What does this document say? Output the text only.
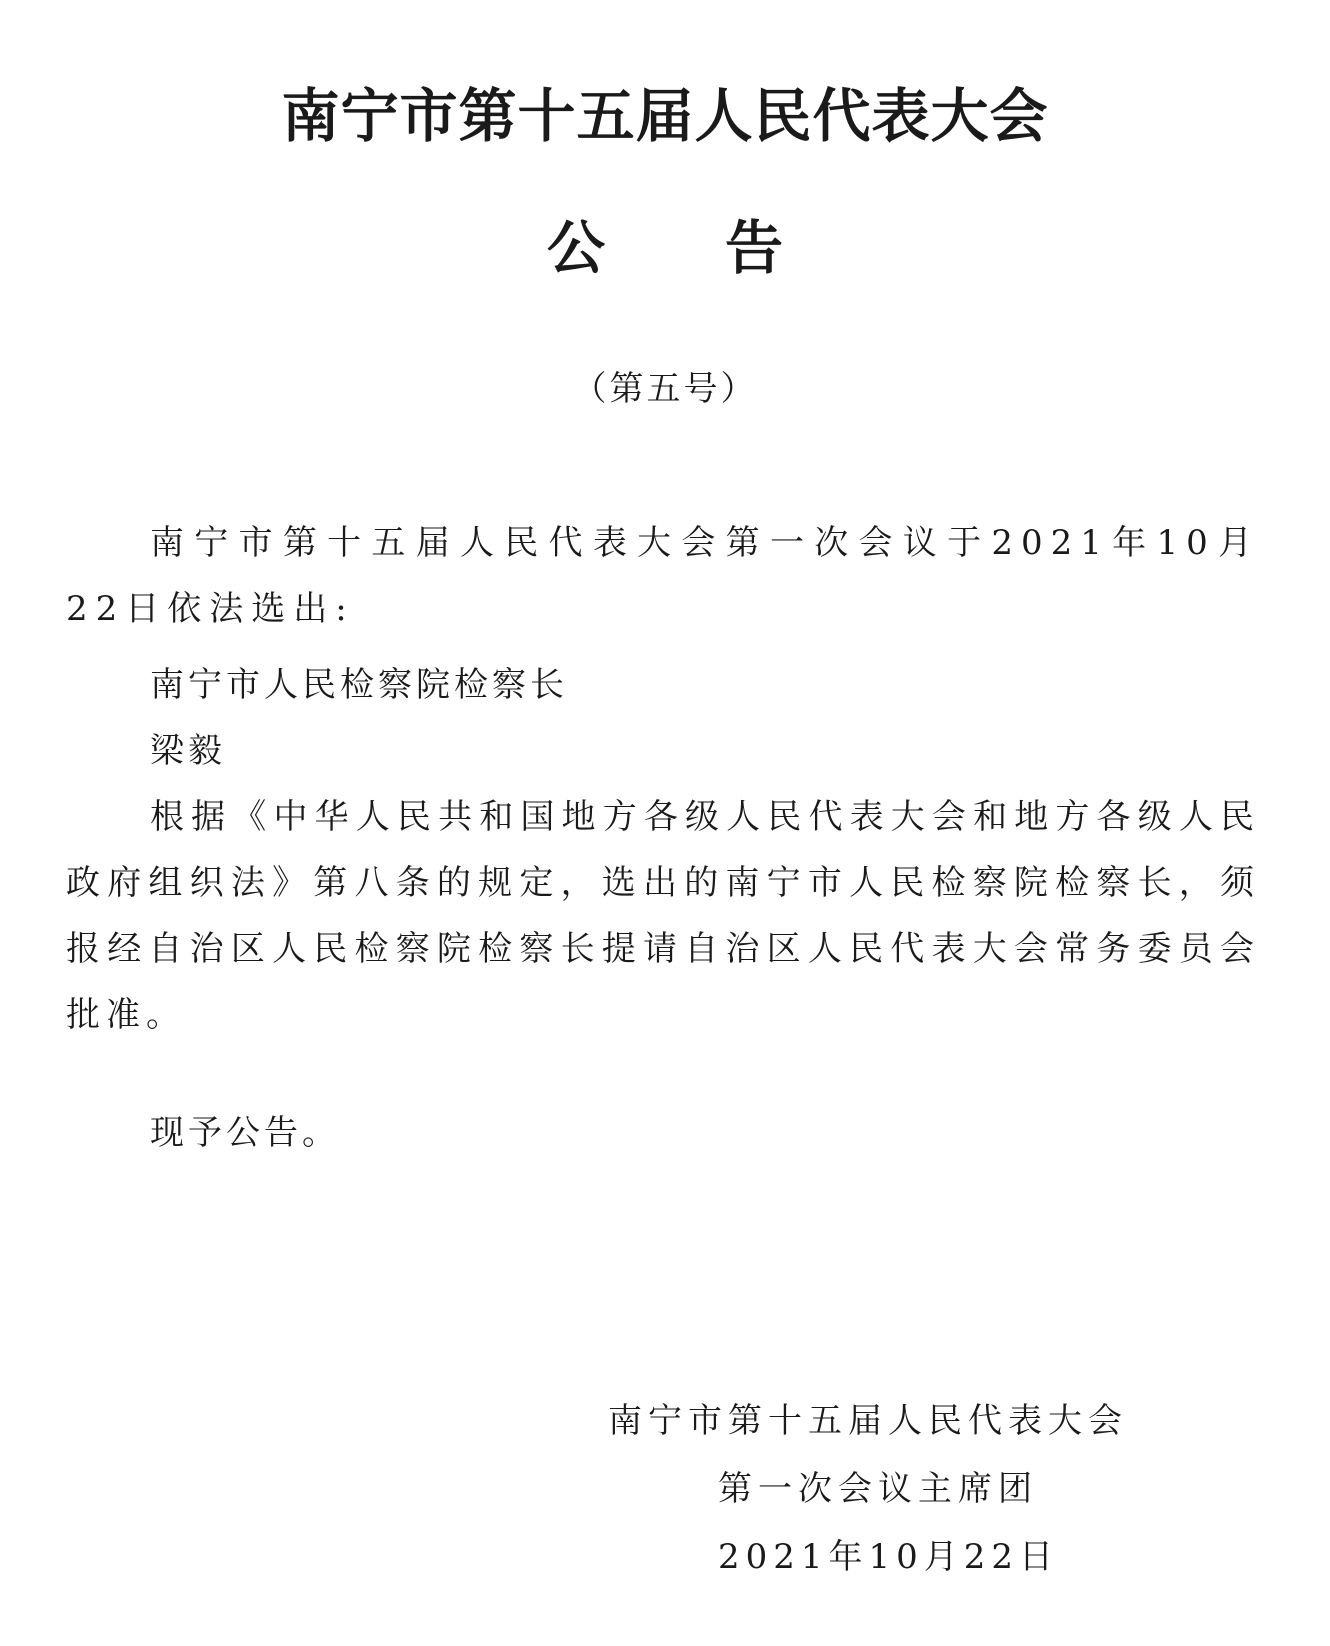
南宁市第十五届人民代表大会
公告
（第五号）

南宁市第十五届人民代表大会第一次会议于2021年10月22日依法选出:

南宁市人民检察院检察长
梁毅

根据《中华人民共和国地方各级人民代表大会和地方各级人民政府组织法》第八条的规定，选出的南宁市人民检察院检察长，须报经自治区人民检察院检察长提请自治区人民代表大会常务委员会批准。

现予公告。
南宁市第十五届人民代表大会
第一次会议主席团
2021年10月22日
